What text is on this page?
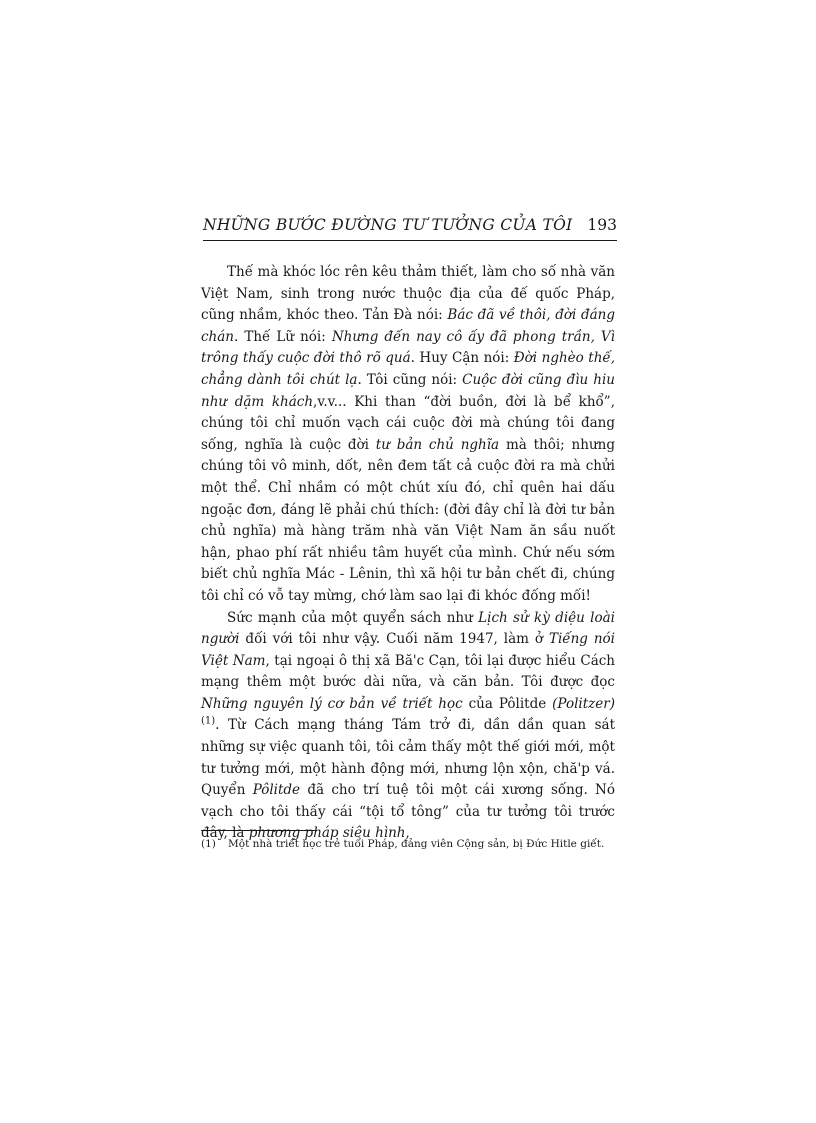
NHỮNG BƯỚC ĐƯỜNG TƯ TƯỞNG CỦA TÔI 193

Thế mà khóc lóc rên kêu thảm thiết, làm cho số nhà văn Việt Nam, sinh trong nước thuộc địa của đế quốc Pháp, cũng nhầm, khóc theo. Tản Đà nói: Bác đã về thôi, đời đáng chán. Thế Lữ nói: Nhưng đến nay cô ấy đã phong trần, Vì trông thấy cuộc đời thô rõ quá. Huy Cận nói: Đời nghèo thế, chẳng dành tôi chút lạ. Tôi cũng nói: Cuộc đời cũng đìu hiu như dặm khách,v.v... Khi than “đời buồn, đời là bể khổ”, chúng tôi chỉ muốn vạch cái cuộc đời mà chúng tôi đang sống, nghĩa là cuộc đời tư bản chủ nghĩa mà thôi; nhưng chúng tôi vô minh, dốt, nên đem tất cả cuộc đời ra mà chửi một thể. Chỉ nhầm có một chút xíu đó, chỉ quên hai dấu ngoặc đơn, đáng lẽ phải chú thích: (đời đây chỉ là đời tư bản chủ nghĩa) mà hàng trăm nhà văn Việt Nam ăn sầu nuốt hận, phao phí rất nhiều tâm huyết của mình. Chứ nếu sớm biết chủ nghĩa Mác - Lênin, thì xã hội tư bản chết đi, chúng tôi chỉ có vỗ tay mừng, chớ làm sao lại đi khóc đống mối!

Sức mạnh của một quyển sách như Lịch sử kỳ diệu loài người đối với tôi như vậy. Cuối năm 1947, làm ở Tiếng nói Việt Nam, tại ngoại ô thị xã Bă'c Cạn, tôi lại được hiểu Cách mạng thêm một bước dài nữa, và căn bản. Tôi được đọc Những nguyên lý cơ bản về triết học của Pôlitde (Politzer)$^{(1)}$. Từ Cách mạng tháng Tám trở đi, dần dần quan sát những sự việc quanh tôi, tôi cảm thấy một thế giới mới, một tư tưởng mới, một hành động mới, nhưng lộn xộn, chă'p vá. Quyển Pôlitde đã cho trí tuệ tôi một cái xương sống. Nó vạch cho tôi thấy cái “tội tổ tông” của tư tưởng tôi trước đây, là phương pháp siêu hình,

(1) Một nhà triết học trẻ tuổi Pháp, đảng viên Cộng sản, bị Đức Hitle giết.
